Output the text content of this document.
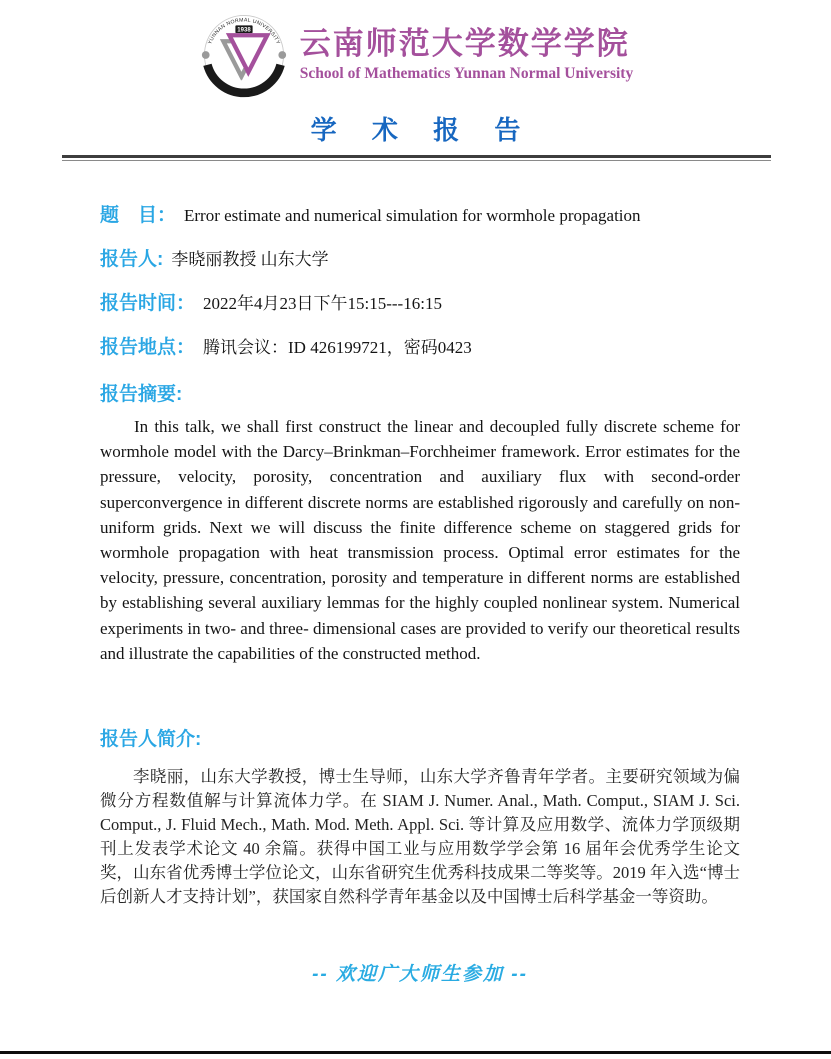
YUNNAN NORMAL UNIVERSITY
1938
云南师范大学
云南师范大学数学学院
School of Mathematics Yunnan Normal University
学 术 报 告
题　目： Error estimate and numerical simulation for wormhole propagation
报告人: 李晓丽教授 山东大学
报告时间： 2022年4月23日下午15:15---16:15
报告地点： 腾讯会议：ID 426199721，密码0423
报告摘要:

In this talk, we shall first construct the linear and decoupled fully discrete scheme for wormhole model with the Darcy–Brinkman–Forchheimer framework. Error estimates for the pressure, velocity, porosity, concentration and auxiliary flux with second-order superconvergence in different discrete norms are established rigorously and carefully on non-uniform grids. Next we will discuss the finite difference scheme on staggered grids for wormhole propagation with heat transmission process. Optimal error estimates for the velocity, pressure, concentration, porosity and temperature in different norms are established by establishing several auxiliary lemmas for the highly coupled nonlinear system. Numerical experiments in two- and three- dimensional cases are provided to verify our theoretical results and illustrate the capabilities of the constructed method.

报告人简介:

李晓丽，山东大学教授，博士生导师，山东大学齐鲁青年学者。主要研究领域为偏微分方程数值解与计算流体力学。在 SIAM J. Numer. Anal., Math. Comput., SIAM J. Sci. Comput., J. Fluid Mech., Math. Mod. Meth. Appl. Sci. 等计算及应用数学、流体力学顶级期刊上发表学术论文 40 余篇。获得中国工业与应用数学学会第 16 届年会优秀学生论文奖，山东省优秀博士学位论文，山东省研究生优秀科技成果二等奖等。2019 年入选“博士后创新人才支持计划”，获国家自然科学青年基金以及中国博士后科学基金一等资助。

-- 欢迎广大师生参加 --
